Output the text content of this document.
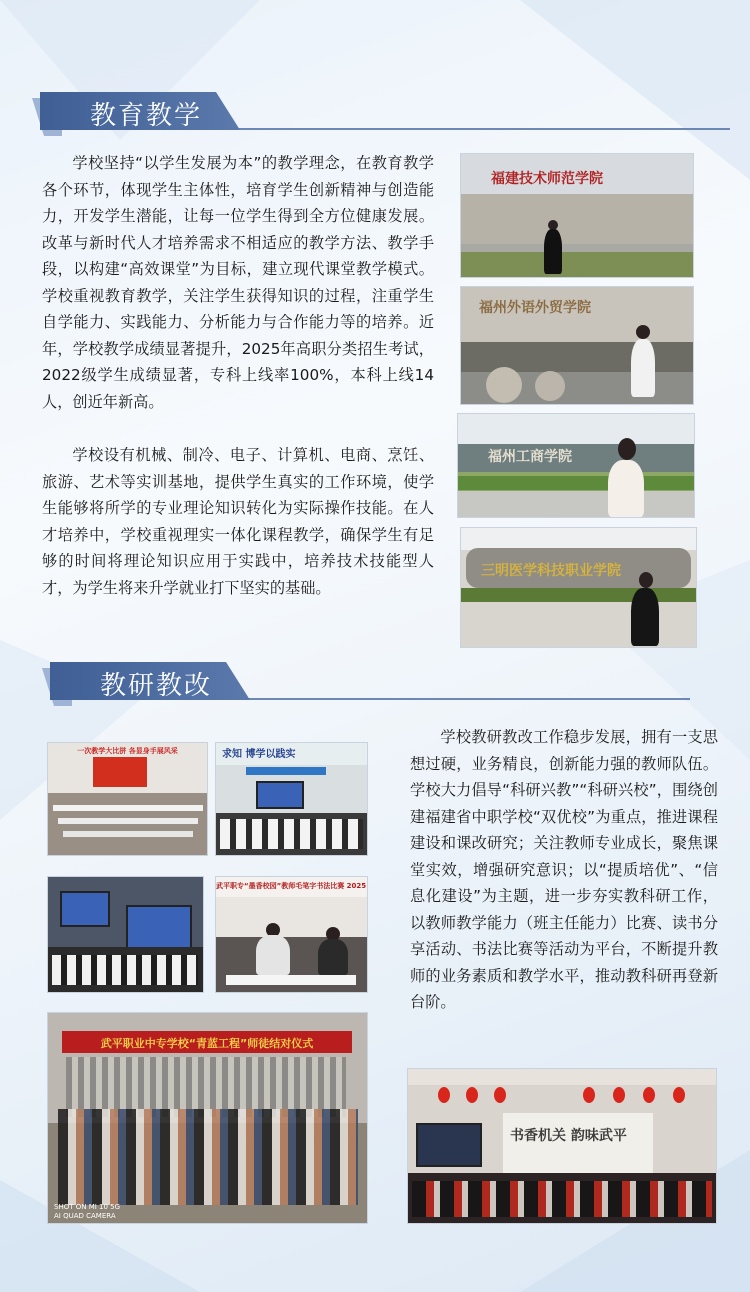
教育教学

学校坚持“以学生发展为本”的教学理念，在教育教学各个环节，体现学生主体性，培育学生创新精神与创造能力，开发学生潜能，让每一位学生得到全方位健康发展。 改革与新时代人才培养需求不相适应的教学方法、教学手段，以构建“高效课堂”为目标，建立现代课堂教学模式。学校重视教育教学，关注学生获得知识的过程，注重学生自学能力、实践能力、分析能力与合作能力等的培养。近年，学校教学成绩显著提升，2025年高职分类招生考试，2022级学生成绩显著，专科上线率100%，本科上线14人，创近年新高。

学校设有机械、制冷、电子、计算机、电商、烹饪、旅游、艺术等实训基地，提供学生真实的工作环境，使学生能够将所学的专业理论知识转化为实际操作技能。在人才培养中，学校重视理实一体化课程教学，确保学生有足够的时间将理论知识应用于实践中，培养技术技能型人才，为学生将来升学就业打下坚实的基础。

福建技术师范学院
福州外语外贸学院
福州工商学院
三明医学科技职业学院
教研教改

学校教研教改工作稳步发展，拥有一支思想过硬，业务精良，创新能力强的教师队伍。学校大力倡导“科研兴教”“科研兴校”，围绕创建福建省中职学校“双优校”为重点，推进课程建设和课改研究；关注教师专业成长，聚焦课堂实效，增强研究意识；以“提质培优”、“信息化建设”为主题，进一步夯实教科研工作，以教师教学能力（班主任能力）比赛、读书分享活动、书法比赛等活动为平台，不断提升教师的业务素质和教学水平，推动教科研再登新台阶。

一次教学大比拼 各显身手展风采	求知 博学以践实
武平职专“墨香校园”教师毛笔字书法比赛 2025
武平职业中专学校“青蓝工程”师徒结对仪式
SHOT ON MI 10 5G
AI QUAD CAMERA
书香机关 韵味武平
